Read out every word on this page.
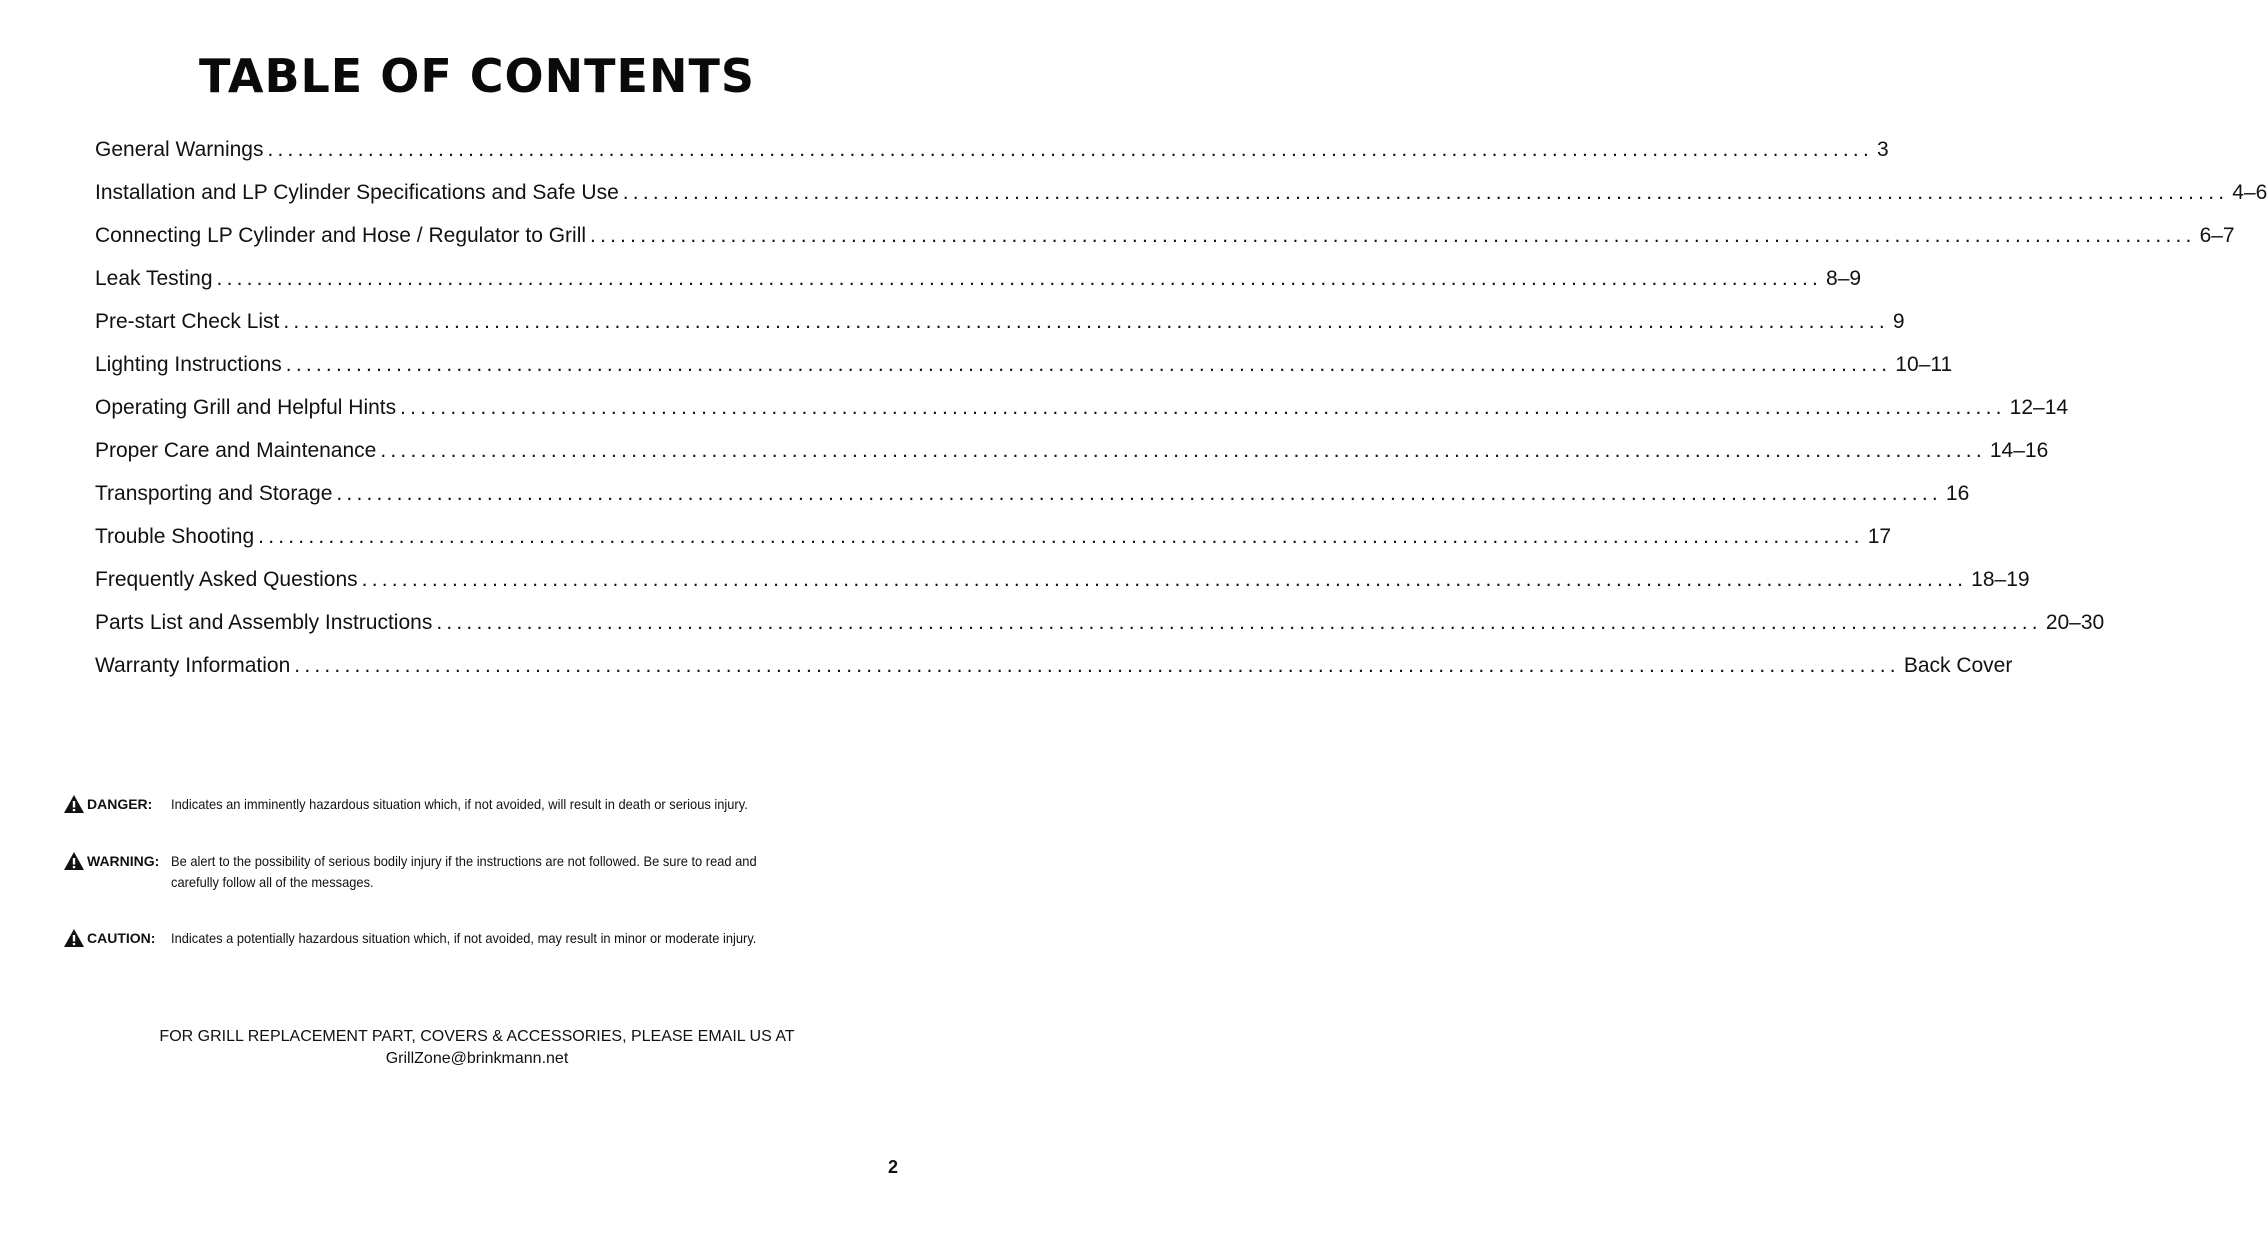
TABLE OF CONTENTS
General Warnings ................................................................................................................................................................ 3
Installation and LP Cylinder Specifications and Safe Use ................................................................................................................................................................ 4–6
Connecting LP Cylinder and Hose / Regulator to Grill ................................................................................................................................................................ 6–7
Leak Testing ................................................................................................................................................................ 8–9
Pre-start Check List ................................................................................................................................................................ 9
Lighting Instructions ................................................................................................................................................................ 10–11
Operating Grill and Helpful Hints ................................................................................................................................................................ 12–14
Proper Care and Maintenance ................................................................................................................................................................ 14–16
Transporting and Storage ................................................................................................................................................................ 16
Trouble Shooting ................................................................................................................................................................ 17
Frequently Asked Questions ................................................................................................................................................................ 18–19
Parts List and Assembly Instructions ................................................................................................................................................................ 20–30
Warranty Information ................................................................................................................................................................ Back Cover
DANGER: Indicates an imminently hazardous situation which, if not avoided, will result in death or serious injury.
WARNING: Be alert to the possibility of serious bodily injury if the instructions are not followed. Be sure to read and carefully follow all of the messages.
CAUTION: Indicates a potentially hazardous situation which, if not avoided, may result in minor or moderate injury.
FOR GRILL REPLACEMENT PART, COVERS & ACCESSORIES, PLEASE EMAIL US AT
GrillZone@brinkmann.net
2
